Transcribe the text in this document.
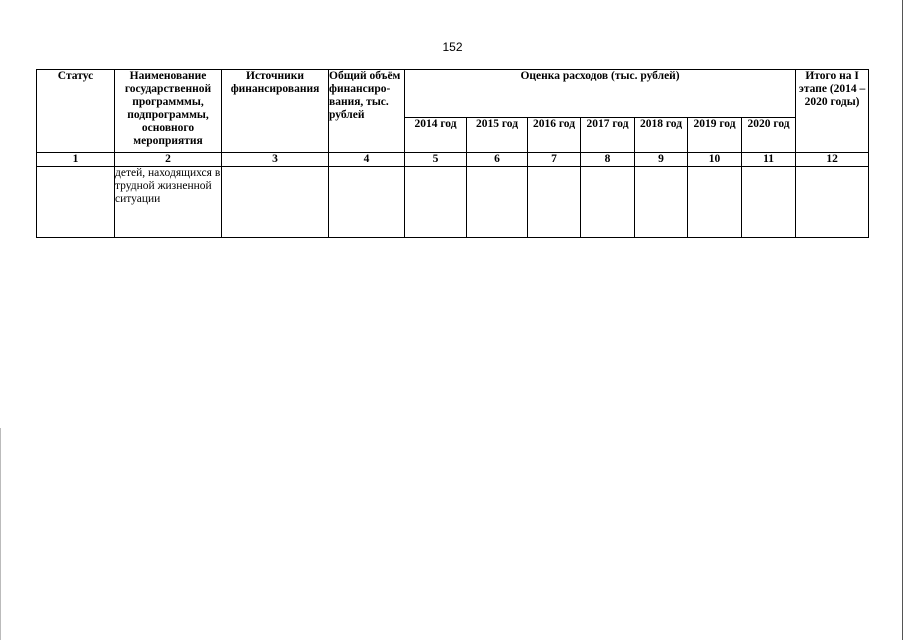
152
Статус	Наименование государственной программмы, подпрограммы, основного мероприятия	Источники финансирования	Общий объём финансиро-вания, тыс. рублей	Оценка расходов (тыс. рублей)							Итого на I этапе (2014 – 2020 годы)
				2014 год	2015 год	2016 год	2017 год	2018 год	2019 год	2020 год	
1	2	3	4	5	6	7	8	9	10	11	12
	детей, находящихся в трудной жизненной ситуации										
